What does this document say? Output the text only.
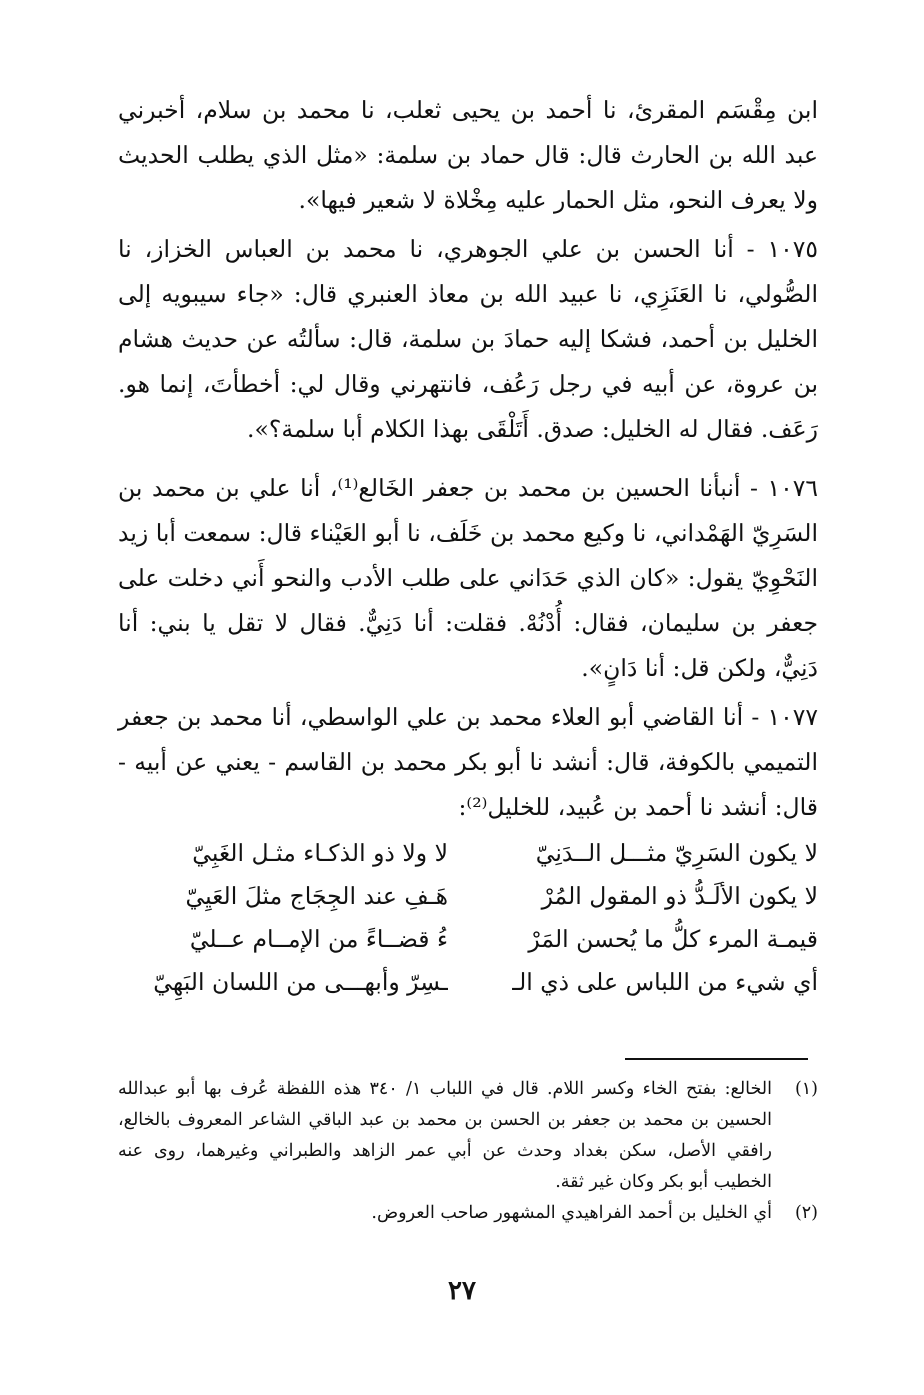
ابن مِقْسَم المقرئ، نا أحمد بن يحيى ثعلب، نا محمد بن سلام، أخبرني عبد الله بن الحارث قال: قال حماد بن سلمة: «مثل الذي يطلب الحديث ولا يعرف النحو، مثل الحمار عليه مِخْلاة لا شعير فيها».

١٠٧٥ - أنا الحسن بن علي الجوهري، نا محمد بن العباس الخزاز، نا الصُّولي، نا العَنَزِي، نا عبيد الله بن معاذ العنبري قال: «جاء سيبويه إلى الخليل بن أحمد، فشكا إليه حمادَ بن سلمة، قال: سألتُه عن حديث هشام بن عروة، عن أبيه في رجل رَعُف، فانتهرني وقال لي: أخطأتَ، إنما هو. رَعَف. فقال له الخليل: صدق. أَتَلْقَى بهذا الكلام أبا سلمة؟».

١٠٧٦ - أنبأنا الحسين بن محمد بن جعفر الخَالع⁽¹⁾، أنا علي بن محمد بن السَرِيّ الهَمْداني، نا وكيع محمد بن خَلَف، نا أبو العَيْناء قال: سمعت أبا زيد النَحْوِيّ يقول: «كان الذي حَدَاني على طلب الأدب والنحو أَني دخلت على جعفر بن سليمان، فقال: أُدْنُهْ. فقلت: أنا دَنِيٌّ. فقال لا تقل يا بني: أنا دَنِيٌّ، ولكن قل: أنا دَانٍ».

١٠٧٧ - أنا القاضي أبو العلاء محمد بن علي الواسطي، أنا محمد بن جعفر التميمي بالكوفة، قال: أنشد نا أبو بكر محمد بن القاسم - يعني عن أبيه - قال: أنشد نا أحمد بن عُبيد، للخليل⁽²⁾:

لا يكون السَرِيّ مثـــل الــدَنِيّ
لا ولا ذو الذكـاء مثـل الغَبِيّ
لا يكون الألَـدُّ ذو المقول المُرْ
هَـفِ عند الجِجَاج مثلَ العَيِيّ
قيمـة المرء كلُّ ما يُحسن المَرْ
ءُ قضــاءً من الإمــام عــليّ
أي شيء من اللباس على ذي الـ
ـسِرّ وأبهـــى من اللسان البَهِيّ
(١)
الخالع: بفتح الخاء وكسر اللام. قال في اللباب ١/ ٣٤٠ هذه اللفظة عُرف بها أبو عبدالله الحسين بن محمد بن جعفر بن الحسن بن محمد بن عبد الباقي الشاعر المعروف بالخالع، رافقي الأصل، سكن بغداد وحدث عن أبي عمر الزاهد والطبراني وغيرهما، روى عنه الخطيب أبو بكر وكان غير ثقة.
(٢)
أي الخليل بن أحمد الفراهيدي المشهور صاحب العروض.
٢٧
